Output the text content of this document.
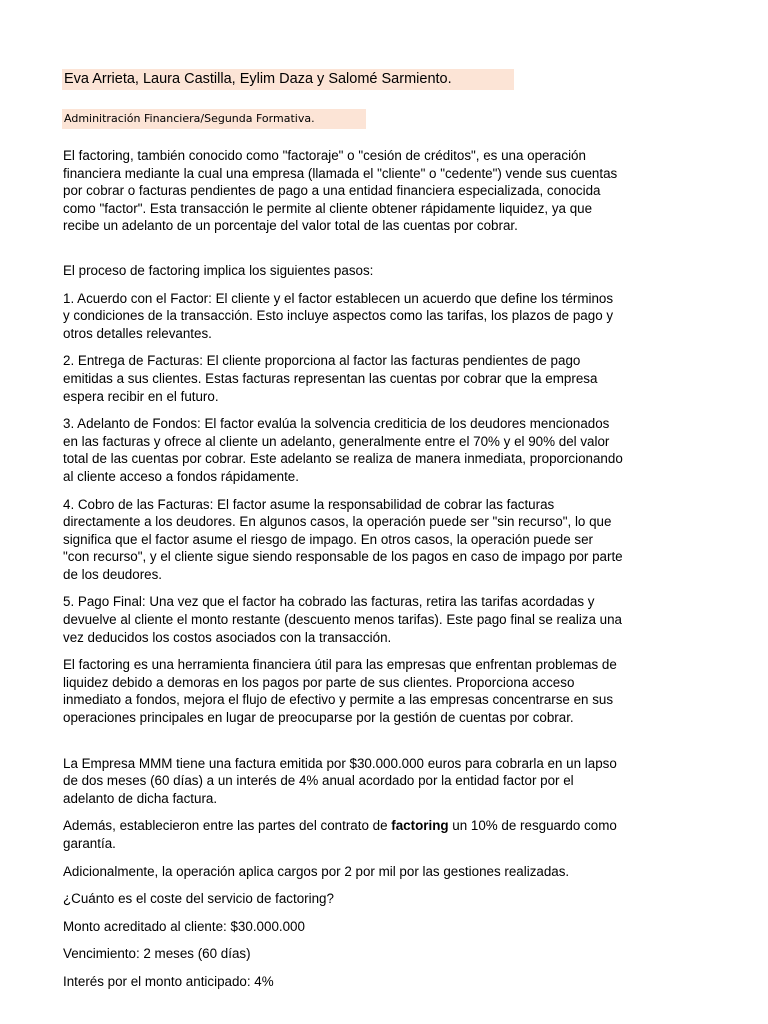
Eva Arrieta, Laura Castilla, Eylim Daza y Salomé Sarmiento.
Adminitración Financiera/Segunda Formativa.

El factoring, también conocido como "factoraje" o "cesión de créditos", es una operación financiera mediante la cual una empresa (llamada el "cliente" o "cedente") vende sus cuentas por cobrar o facturas pendientes de pago a una entidad financiera especializada, conocida como "factor". Esta transacción le permite al cliente obtener rápidamente liquidez, ya que recibe un adelanto de un porcentaje del valor total de las cuentas por cobrar.

El proceso de factoring implica los siguientes pasos:

1. Acuerdo con el Factor: El cliente y el factor establecen un acuerdo que define los términos y condiciones de la transacción. Esto incluye aspectos como las tarifas, los plazos de pago y otros detalles relevantes.

2. Entrega de Facturas: El cliente proporciona al factor las facturas pendientes de pago emitidas a sus clientes. Estas facturas representan las cuentas por cobrar que la empresa espera recibir en el futuro.

3. Adelanto de Fondos: El factor evalúa la solvencia crediticia de los deudores mencionados en las facturas y ofrece al cliente un adelanto, generalmente entre el 70% y el 90% del valor total de las cuentas por cobrar. Este adelanto se realiza de manera inmediata, proporcionando al cliente acceso a fondos rápidamente.

4. Cobro de las Facturas: El factor asume la responsabilidad de cobrar las facturas directamente a los deudores. En algunos casos, la operación puede ser "sin recurso", lo que significa que el factor asume el riesgo de impago. En otros casos, la operación puede ser "con recurso", y el cliente sigue siendo responsable de los pagos en caso de impago por parte de los deudores.

5. Pago Final: Una vez que el factor ha cobrado las facturas, retira las tarifas acordadas y devuelve al cliente el monto restante (descuento menos tarifas). Este pago final se realiza una vez deducidos los costos asociados con la transacción.

El factoring es una herramienta financiera útil para las empresas que enfrentan problemas de liquidez debido a demoras en los pagos por parte de sus clientes. Proporciona acceso inmediato a fondos, mejora el flujo de efectivo y permite a las empresas concentrarse en sus operaciones principales en lugar de preocuparse por la gestión de cuentas por cobrar.

La Empresa MMM tiene una factura emitida por $30.000.000 euros para cobrarla en un lapso de dos meses (60 días) a un interés de 4% anual acordado por la entidad factor por el adelanto de dicha factura.

Además, establecieron entre las partes del contrato de factoring un 10% de resguardo como garantía.

Adicionalmente, la operación aplica cargos por 2 por mil por las gestiones realizadas.

¿Cuánto es el coste del servicio de factoring?

Monto acreditado al cliente: $30.000.000

Vencimiento: 2 meses (60 días)

Interés por el monto anticipado: 4%
